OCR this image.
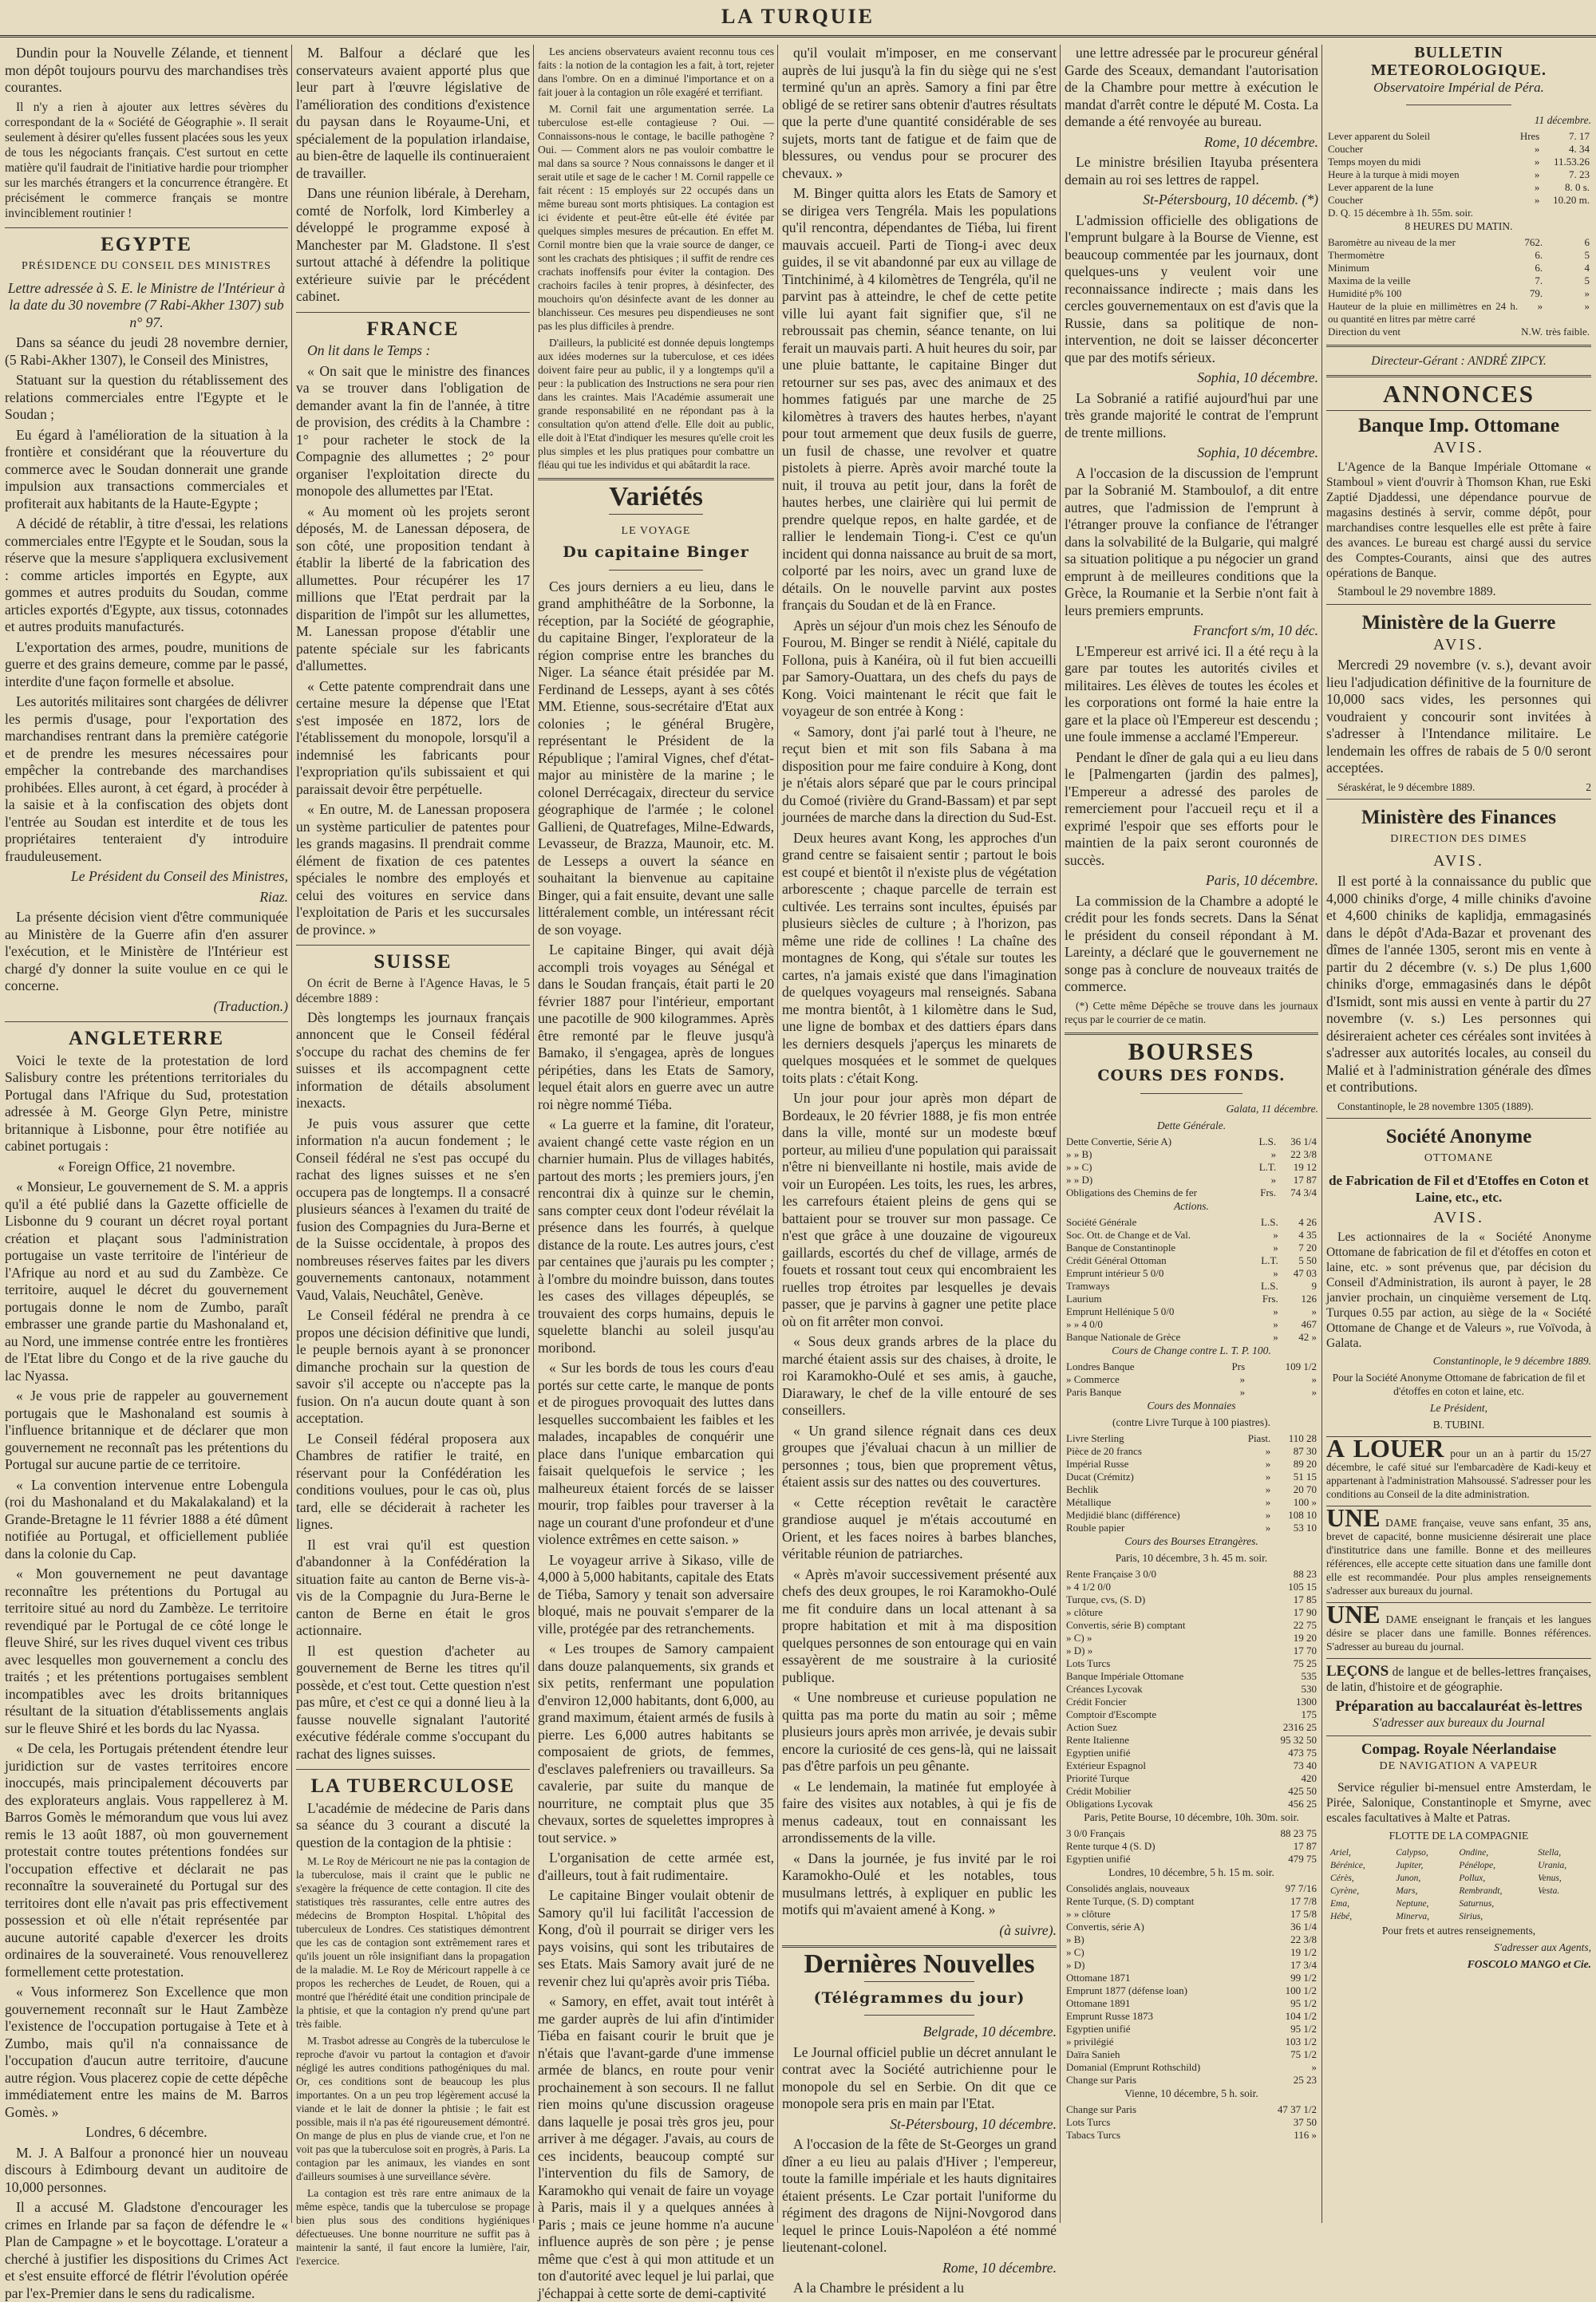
LA TURQUIE

Dundin pour la Nouvelle Zélande, et tiennent mon dépôt toujours pourvu des marchandises très courantes.

Il n'y a rien à ajouter aux lettres sévères du correspondant de la « Société de Géographie ». Il serait seulement à désirer qu'elles fussent placées sous les yeux de tous les négociants français. C'est surtout en cette matière qu'il faudrait de l'initiative hardie pour triompher sur les marchés étrangers et la concurrence étrangère. Et précisément le commerce français se montre invinciblement routinier !

EGYPTE
PRÉSIDENCE DU CONSEIL DES MINISTRES

Lettre adressée à S. E. le Ministre de l'Intérieur à la date du 30 novembre (7 Rabi-Akher 1307) sub n° 97.

Dans sa séance du jeudi 28 novembre dernier, (5 Rabi-Akher 1307), le Conseil des Ministres,

Statuant sur la question du rétablissement des relations commerciales entre l'Egypte et le Soudan ;

Eu égard à l'amélioration de la situation à la frontière et considérant que la réouverture du commerce avec le Soudan donnerait une grande impulsion aux transactions commerciales et profiterait aux habitants de la Haute-Egypte ;

A décidé de rétablir, à titre d'essai, les relations commerciales entre l'Egypte et le Soudan, sous la réserve que la mesure s'appliquera exclusivement : comme articles importés en Egypte, aux gommes et autres produits du Soudan, comme articles exportés d'Egypte, aux tissus, cotonnades et autres produits manufacturés.

L'exportation des armes, poudre, munitions de guerre et des grains demeure, comme par le passé, interdite d'une façon formelle et absolue.

Les autorités militaires sont chargées de délivrer les permis d'usage, pour l'exportation des marchandises rentrant dans la première catégorie et de prendre les mesures nécessaires pour empêcher la contrebande des marchandises prohibées. Elles auront, à cet égard, à procéder à la saisie et à la confiscation des objets dont l'entrée au Soudan est interdite et de tous les propriétaires tenteraient d'y introduire frauduleusement.

Le Président du Conseil des Ministres,

Riaz.

La présente décision vient d'être communiquée au Ministère de la Guerre afin d'en assurer l'exécution, et le Ministère de l'Intérieur est chargé d'y donner la suite voulue en ce qui le concerne.

(Traduction.)

ANGLETERRE

Voici le texte de la protestation de lord Salisbury contre les prétentions territoriales du Portugal dans l'Afrique du Sud, protestation adressée à M. George Glyn Petre, ministre britannique à Lisbonne, pour être notifiée au cabinet portugais :

« Foreign Office, 21 novembre.

« Monsieur, Le gouvernement de S. M. a appris qu'il a été publié dans la Gazette officielle de Lisbonne du 9 courant un décret royal portant création et plaçant sous l'administration portugaise un vaste territoire de l'intérieur de l'Afrique au nord et au sud du Zambèze. Ce territoire, auquel le décret du gouvernement portugais donne le nom de Zumbo, paraît embrasser une grande partie du Mashonaland et, au Nord, une immense contrée entre les frontières de l'Etat libre du Congo et de la rive gauche du lac Nyassa.

« Je vous prie de rappeler au gouvernement portugais que le Mashonaland est soumis à l'influence britannique et de déclarer que mon gouvernement ne reconnaît pas les prétentions du Portugal sur aucune partie de ce territoire.

« La convention intervenue entre Lobengula (roi du Mashonaland et du Makalakaland) et la Grande-Bretagne le 11 février 1888 a été dûment notifiée au Portugal, et officiellement publiée dans la colonie du Cap.

« Mon gouvernement ne peut davantage reconnaître les prétentions du Portugal au territoire situé au nord du Zambèze. Le territoire revendiqué par le Portugal de ce côté longe le fleuve Shiré, sur les rives duquel vivent ces tribus avec lesquelles mon gouvernement a conclu des traités ; et les prétentions portugaises semblent incompatibles avec les droits britanniques résultant de la situation d'établissements anglais sur le fleuve Shiré et les bords du lac Nyassa.

« De cela, les Portugais prétendent étendre leur juridiction sur de vastes territoires encore inoccupés, mais principalement découverts par des explorateurs anglais. Vous rappellerez à M. Barros Gomès le mémorandum que vous lui avez remis le 13 août 1887, où mon gouvernement protestait contre toutes prétentions fondées sur l'occupation effective et déclarait ne pas reconnaître la souveraineté du Portugal sur des territoires dont elle n'avait pas pris effectivement possession et où elle n'était représentée par aucune autorité capable d'exercer les droits ordinaires de la souveraineté. Vous renouvellerez formellement cette protestation.

« Vous informerez Son Excellence que mon gouvernement reconnaît sur le Haut Zambèze l'existence de l'occupation portugaise à Tete et à Zumbo, mais qu'il n'a connaissance de l'occupation d'aucun autre territoire, d'aucune autre région. Vous placerez copie de cette dépêche immédiatement entre les mains de M. Barros Gomès. »

Londres, 6 décembre.

M. J. A Balfour a prononcé hier un nouveau discours à Edimbourg devant un auditoire de 10,000 personnes.

Il a accusé M. Gladstone d'encourager les crimes en Irlande par sa façon de défendre le « Plan de Campagne » et le boycottage. L'orateur a cherché à justifier les dispositions du Crimes Act et s'est ensuite efforcé de flétrir l'évolution opérée par l'ex-Premier dans le sens du radicalisme.

M. Balfour a déclaré que les conservateurs avaient apporté plus que leur part à l'œuvre législative de l'amélioration des conditions d'existence du paysan dans le Royaume-Uni, et spécialement de la population irlandaise, au bien-être de laquelle ils continueraient de travailler.

Dans une réunion libérale, à Dereham, comté de Norfolk, lord Kimberley a développé le programme exposé à Manchester par M. Gladstone. Il s'est surtout attaché à défendre la politique extérieure suivie par le précédent cabinet.

FRANCE

On lit dans le Temps :

« On sait que le ministre des finances va se trouver dans l'obligation de demander avant la fin de l'année, à titre de provision, des crédits à la Chambre : 1° pour racheter le stock de la Compagnie des allumettes ; 2° pour organiser l'exploitation directe du monopole des allumettes par l'Etat.

« Au moment où les projets seront déposés, M. de Lanessan déposera, de son côté, une proposition tendant à établir la liberté de la fabrication des allumettes. Pour récupérer les 17 millions que l'Etat perdrait par la disparition de l'impôt sur les allumettes, M. Lanessan propose d'établir une patente spéciale sur les fabricants d'allumettes.

« Cette patente comprendrait dans une certaine mesure la dépense que l'Etat s'est imposée en 1872, lors de l'établissement du monopole, lorsqu'il a indemnisé les fabricants pour l'expropriation qu'ils subissaient et qui paraissait devoir être perpétuelle.

« En outre, M. de Lanessan proposera un système particulier de patentes pour les grands magasins. Il prendrait comme élément de fixation de ces patentes spéciales le nombre des employés et celui des voitures en service dans l'exploitation de Paris et les succursales de province. »

SUISSE

On écrit de Berne à l'Agence Havas, le 5 décembre 1889 :

Dès longtemps les journaux français annoncent que le Conseil fédéral s'occupe du rachat des chemins de fer suisses et ils accompagnent cette information de détails absolument inexacts.

Je puis vous assurer que cette information n'a aucun fondement ; le Conseil fédéral ne s'est pas occupé du rachat des lignes suisses et ne s'en occupera pas de longtemps. Il a consacré plusieurs séances à l'examen du traité de fusion des Compagnies du Jura-Berne et de la Suisse occidentale, à propos des nombreuses réserves faites par les divers gouvernements cantonaux, notamment Vaud, Valais, Neuchâtel, Genève.

Le Conseil fédéral ne prendra à ce propos une décision définitive que lundi, le peuple bernois ayant à se prononcer dimanche prochain sur la question de savoir s'il accepte ou n'accepte pas la fusion. On n'a aucun doute quant à son acceptation.

Le Conseil fédéral proposera aux Chambres de ratifier le traité, en réservant pour la Confédération les conditions voulues, pour le cas où, plus tard, elle se déciderait à racheter les lignes.

Il est vrai qu'il est question d'abandonner à la Confédération la situation faite au canton de Berne vis-à-vis de la Compagnie du Jura-Berne le canton de Berne en était le gros actionnaire.

Il est question d'acheter au gouvernement de Berne les titres qu'il possède, et c'est tout. Cette question n'est pas mûre, et c'est ce qui a donné lieu à la fausse nouvelle signalant l'autorité exécutive fédérale comme s'occupant du rachat des lignes suisses.

LA TUBERCULOSE

L'académie de médecine de Paris dans sa séance du 3 courant a discuté la question de la contagion de la phtisie :

M. Le Roy de Méricourt ne nie pas la contagion de la tuberculose, mais il craint que le public ne s'exagère la fréquence de cette contagion. Il cite des statistiques très rassurantes, celle entre autres des médecins de Brompton Hospital. L'hôpital des tuberculeux de Londres. Ces statistiques démontrent que les cas de contagion sont extrêmement rares et qu'ils jouent un rôle insignifiant dans la propagation de la maladie. M. Le Roy de Méricourt rappelle à ce propos les recherches de Leudet, de Rouen, qui a montré que l'hérédité était une condition principale de la phtisie, et que la contagion n'y prend qu'une part très faible.

M. Trasbot adresse au Congrès de la tuberculose le reproche d'avoir vu partout la contagion et d'avoir négligé les autres conditions pathogéniques du mal. Or, ces conditions sont de beaucoup les plus importantes. On a un peu trop légèrement accusé la viande et le lait de donner la phtisie ; le fait est possible, mais il n'a pas été rigoureusement démontré. On mange de plus en plus de viande crue, et l'on ne voit pas que la tuberculose soit en progrès, à Paris. La contagion par les animaux, les viandes en sont d'ailleurs soumises à une surveillance sévère.

La contagion est très rare entre animaux de la même espèce, tandis que la tuberculose se propage bien plus sous des conditions hygiéniques défectueuses. Une bonne nourriture ne suffit pas à maintenir la santé, il faut encore la lumière, l'air, l'exercice.

Les anciens observateurs avaient reconnu tous ces faits : la notion de la contagion les a fait, à tort, rejeter dans l'ombre. On en a diminué l'importance et on a fait jouer à la contagion un rôle exagéré et terrifiant.

M. Cornil fait une argumentation serrée. La tuberculose est-elle contagieuse ? Oui. — Connaissons-nous le contage, le bacille pathogène ? Oui. — Comment alors ne pas vouloir combattre le mal dans sa source ? Nous connaissons le danger et il serait utile et sage de le cacher ! M. Cornil rappelle ce fait récent : 15 employés sur 22 occupés dans un même bureau sont morts phtisiques. La contagion est ici évidente et peut-être eût-elle été évitée par quelques simples mesures de précaution. En effet M. Cornil montre bien que la vraie source de danger, ce sont les crachats des phtisiques ; il suffit de rendre ces crachats inoffensifs pour éviter la contagion. Des crachoirs faciles à tenir propres, à désinfecter, des mouchoirs qu'on désinfecte avant de les donner au blanchisseur. Ces mesures peu dispendieuses ne sont pas les plus difficiles à prendre.

D'ailleurs, la publicité est donnée depuis longtemps aux idées modernes sur la tuberculose, et ces idées doivent faire peur au public, il y a longtemps qu'il a peur : la publication des Instructions ne sera pour rien dans les craintes. Mais l'Académie assumerait une grande responsabilité en ne répondant pas à la consultation qu'on attend d'elle. Elle doit au public, elle doit à l'Etat d'indiquer les mesures qu'elle croit les plus simples et les plus pratiques pour combattre un fléau qui tue les individus et qui abâtardit la race.

Variétés
LE VOYAGE
Du capitaine Binger

Ces jours derniers a eu lieu, dans le grand amphithéâtre de la Sorbonne, la réception, par la Société de géographie, du capitaine Binger, l'explorateur de la région comprise entre les branches du Niger. La séance était présidée par M. Ferdinand de Lesseps, ayant à ses côtés MM. Etienne, sous-secrétaire d'Etat aux colonies ; le général Brugère, représentant le Président de la République ; l'amiral Vignes, chef d'état-major au ministère de la marine ; le colonel Derrécagaix, directeur du service géographique de l'armée ; le colonel Gallieni, de Quatrefages, Milne-Edwards, Levasseur, de Brazza, Maunoir, etc. M. de Lesseps a ouvert la séance en souhaitant la bienvenue au capitaine Binger, qui a fait ensuite, devant une salle littéralement comble, un intéressant récit de son voyage.

Le capitaine Binger, qui avait déjà accompli trois voyages au Sénégal et dans le Soudan français, était parti le 20 février 1887 pour l'intérieur, emportant une pacotille de 900 kilogrammes. Après être remonté par le fleuve jusqu'à Bamako, il s'engagea, après de longues péripéties, dans les Etats de Samory, lequel était alors en guerre avec un autre roi nègre nommé Tiéba.

« La guerre et la famine, dit l'orateur, avaient changé cette vaste région en un charnier humain. Plus de villages habités, partout des morts ; les premiers jours, j'en rencontrai dix à quinze sur le chemin, sans compter ceux dont l'odeur révélait la présence dans les fourrés, à quelque distance de la route. Les autres jours, c'est par centaines que j'aurais pu les compter ; à l'ombre du moindre buisson, dans toutes les cases des villages dépeuplés, se trouvaient des corps humains, depuis le squelette blanchi au soleil jusqu'au moribond.

« Sur les bords de tous les cours d'eau portés sur cette carte, le manque de ponts et de pirogues provoquait des luttes dans lesquelles succombaient les faibles et les malades, incapables de conquérir une place dans l'unique embarcation qui faisait quelquefois le service ; les malheureux étaient forcés de se laisser mourir, trop faibles pour traverser à la nage un courant d'une profondeur et d'une violence extrêmes en cette saison. »

Le voyageur arrive à Sikaso, ville de 4,000 à 5,000 habitants, capitale des Etats de Tiéba, Samory y tenait son adversaire bloqué, mais ne pouvait s'emparer de la ville, protégée par des retranchements.

« Les troupes de Samory campaient dans douze palanquements, six grands et six petits, renfermant une population d'environ 12,000 habitants, dont 6,000, au grand maximum, étaient armés de fusils à pierre. Les 6,000 autres habitants se composaient de griots, de femmes, d'esclaves palefreniers ou travailleurs. Sa cavalerie, par suite du manque de nourriture, ne comptait plus que 35 chevaux, sortes de squelettes impropres à tout service. »

L'organisation de cette armée est, d'ailleurs, tout à fait rudimentaire.

Le capitaine Binger voulait obtenir de Samory qu'il lui facilitât l'accession de Kong, d'où il pourrait se diriger vers les pays voisins, qui sont les tributaires de ses Etats. Mais Samory avait juré de ne revenir chez lui qu'après avoir pris Tiéba.

« Samory, en effet, avait tout intérêt à me garder auprès de lui afin d'intimider Tiéba en faisant courir le bruit que je n'étais que l'avant-garde d'une immense armée de blancs, en route pour venir prochainement à son secours. Il ne fallut rien moins qu'une discussion orageuse dans laquelle je posai très gros jeu, pour arriver à me dégager. J'avais, au cours de ces incidents, beaucoup compté sur l'intervention du fils de Samory, de Karamokho qui venait de faire un voyage à Paris, mais il y a quelques années à Paris ; mais ce jeune homme n'a aucune influence auprès de son père ; je pense même que c'est à qui mon attitude et un ton d'autorité avec lequel je lui parlai, que j'échappai à cette sorte de demi-captivité

qu'il voulait m'imposer, en me conservant auprès de lui jusqu'à la fin du siège qui ne s'est terminé qu'un an après. Samory a fini par être obligé de se retirer sans obtenir d'autres résultats que la perte d'une quantité considérable de ses sujets, morts tant de fatigue et de faim que de blessures, ou vendus pour se procurer des chevaux. »

M. Binger quitta alors les Etats de Samory et se dirigea vers Tengréla. Mais les populations qu'il rencontra, dépendantes de Tiéba, lui firent mauvais accueil. Parti de Tiong-i avec deux guides, il se vit abandonné par eux au village de Tintchinimé, à 4 kilomètres de Tengréla, qu'il ne parvint pas à atteindre, le chef de cette petite ville lui ayant fait signifier que, s'il ne rebroussait pas chemin, séance tenante, on lui ferait un mauvais parti. A huit heures du soir, par une pluie battante, le capitaine Binger dut retourner sur ses pas, avec des animaux et des hommes fatigués par une marche de 25 kilomètres à travers des hautes herbes, n'ayant pour tout armement que deux fusils de guerre, un fusil de chasse, une revolver et quatre pistolets à pierre. Après avoir marché toute la nuit, il trouva au petit jour, dans la forêt de hautes herbes, une clairière qui lui permit de prendre quelque repos, en halte gardée, et de rallier le lendemain Tiong-i. C'est ce qu'un incident qui donna naissance au bruit de sa mort, colporté par les noirs, avec un grand luxe de détails. On le nouvelle parvint aux postes français du Soudan et de là en France.

Après un séjour d'un mois chez les Sénoufo de Fourou, M. Binger se rendit à Niélé, capitale du Follona, puis à Kanéira, où il fut bien accueilli par Samory-Ouattara, un des chefs du pays de Kong. Voici maintenant le récit que fait le voyageur de son entrée à Kong :

« Samory, dont j'ai parlé tout à l'heure, ne reçut bien et mit son fils Sabana à ma disposition pour me faire conduire à Kong, dont je n'étais alors séparé que par le cours principal du Comoé (rivière du Grand-Bassam) et par sept journées de marche dans la direction du Sud-Est.

Deux heures avant Kong, les approches d'un grand centre se faisaient sentir ; partout le bois est coupé et bientôt il n'existe plus de végétation arborescente ; chaque parcelle de terrain est cultivée. Les terrains sont incultes, épuisés par plusieurs siècles de culture ; à l'horizon, pas même une ride de collines ! La chaîne des montagnes de Kong, qui s'étale sur toutes les cartes, n'a jamais existé que dans l'imagination de quelques voyageurs mal renseignés. Sabana me montra bientôt, à 1 kilomètre dans le Sud, une ligne de bombax et des dattiers épars dans les derniers desquels j'aperçus les minarets de quelques mosquées et le sommet de quelques toits plats : c'était Kong.

Un jour pour jour après mon départ de Bordeaux, le 20 février 1888, je fis mon entrée dans la ville, monté sur un modeste bœuf porteur, au milieu d'une population qui paraissait n'être ni bienveillante ni hostile, mais avide de voir un Européen. Les toits, les rues, les arbres, les carrefours étaient pleins de gens qui se battaient pour se trouver sur mon passage. Ce n'est que grâce à une douzaine de vigoureux gaillards, escortés du chef de village, armés de fouets et rossant tout ceux qui encombraient les ruelles trop étroites par lesquelles je devais passer, que je parvins à gagner une petite place où on fit arrêter mon convoi.

« Sous deux grands arbres de la place du marché étaient assis sur des chaises, à droite, le roi Karamokho-Oulé et ses amis, à gauche, Diarawary, le chef de la ville entouré de ses conseillers.

« Un grand silence régnait dans ces deux groupes que j'évaluai chacun à un millier de personnes ; tous, bien que proprement vêtus, étaient assis sur des nattes ou des couvertures.

« Cette réception revêtait le caractère grandiose auquel je m'étais accoutumé en Orient, et les faces noires à barbes blanches, véritable réunion de patriarches.

« Après m'avoir successivement présenté aux chefs des deux groupes, le roi Karamokho-Oulé me fit conduire dans un local attenant à sa propre habitation et mit à ma disposition quelques personnes de son entourage qui en vain essayèrent de me soustraire à la curiosité publique.

« Une nombreuse et curieuse population ne quitta pas ma porte du matin au soir ; même plusieurs jours après mon arrivée, je devais subir encore la curiosité de ces gens-là, qui ne laissait pas d'être parfois un peu gênante.

« Le lendemain, la matinée fut employée à faire des visites aux notables, à qui je fis de menus cadeaux, tout en connaissant les arrondissements de la ville.

« Dans la journée, je fus invité par le roi Karamokho-Oulé et les notables, tous musulmans lettrés, à expliquer en public les motifs qui m'avaient amené à Kong. »

(à suivre).

Dernières Nouvelles
(Télégrammes du jour)

Belgrade, 10 décembre.

Le Journal officiel publie un décret annulant le contrat avec la Société autrichienne pour le monopole du sel en Serbie. On dit que ce monopole sera pris en main par l'Etat.

St-Pétersbourg, 10 décembre.

A l'occasion de la fête de St-Georges un grand dîner a eu lieu au palais d'Hiver ; l'empereur, toute la famille impériale et les hauts dignitaires étaient présents. Le Czar portait l'uniforme du régiment des dragons de Nijni-Novgorod dans lequel le prince Louis-Napoléon a été nommé lieutenant-colonel.

Rome, 10 décembre.

A la Chambre le président a lu

une lettre adressée par le procureur général Garde des Sceaux, demandant l'autorisation de la Chambre pour mettre à exécution le mandat d'arrêt contre le député M. Costa. La demande a été renvoyée au bureau.

Rome, 10 décembre.

Le ministre brésilien Itayuba présentera demain au roi ses lettres de rappel.

St-Pétersbourg, 10 décemb. (*)

L'admission officielle des obligations de l'emprunt bulgare à la Bourse de Vienne, est beaucoup commentée par les journaux, dont quelques-uns y veulent voir une reconnaissance indirecte ; mais dans les cercles gouvernementaux on est d'avis que la Russie, dans sa politique de non-intervention, ne doit se laisser déconcerter que par des motifs sérieux.

Sophia, 10 décembre.

La Sobranié a ratifié aujourd'hui par une très grande majorité le contrat de l'emprunt de trente millions.

Sophia, 10 décembre.

A l'occasion de la discussion de l'emprunt par la Sobranié M. Stamboulof, a dit entre autres, que l'admission de l'emprunt à l'étranger prouve la confiance de l'étranger dans la solvabilité de la Bulgarie, qui malgré sa situation politique a pu négocier un grand emprunt à de meilleures conditions que la Grèce, la Roumanie et la Serbie n'ont fait à leurs premiers emprunts.

Francfort s/m, 10 déc.

L'Empereur est arrivé ici. Il a été reçu à la gare par toutes les autorités civiles et militaires. Les élèves de toutes les écoles et les corporations ont formé la haie entre la gare et la place où l'Empereur est descendu ; une foule immense a acclamé l'Empereur.

Pendant le dîner de gala qui a eu lieu dans le [Palmengarten (jardin des palmes], l'Empereur a adressé des paroles de remerciement pour l'accueil reçu et il a exprimé l'espoir que ses efforts pour le maintien de la paix seront couronnés de succès.

Paris, 10 décembre.

La commission de la Chambre a adopté le crédit pour les fonds secrets. Dans la Sénat le président du conseil répondant à M. Lareinty, a déclaré que le gouvernement ne songe pas à conclure de nouveaux traités de commerce.

(*) Cette même Dépêche se trouve dans les journaux reçus par le courrier de ce matin.

BOURSES
COURS DES FONDS.

Galata, 11 décembre.

Dette Générale.

Dette Convertie, Série A)	L.S.	36 1/4
» » B)	»	22 3/8
» » C)	L.T.	19 12
» » D)	»	17 87
Obligations des Chemins de fer	Frs.	74 3/4

Actions.

Société Générale	L.S.	4 26
Soc. Ott. de Change et de Val.	»	4 35
Banque de Constantinople	»	7 20
Crédit Général Ottoman	L.T.	5 50
Emprunt intérieur 5 0/0	»	47 03
Tramways	L.S.	9
Laurium	Frs.	126
Emprunt Hellénique 5 0/0	»	»
» » 4 0/0	»	467
Banque Nationale de Grèce	»	42 »

Cours de Change contre L. T. P. 100.

Londres Banque	Prs	109 1/2
» Commerce	»	»
Paris Banque	»	»

Cours des Monnaies

(contre Livre Turque à 100 piastres).

Livre Sterling	Piast.	110 28
Pièce de 20 francs	»	87 30
Impérial Russe	»	89 20
Ducat (Crémitz)	»	51 15
Bechlik	»	20 70
Métallique	»	100 »
Medjidié blanc (différence)	»	108 10
Rouble papier	»	53 10

Cours des Bourses Etrangères.

Paris, 10 décembre, 3 h. 45 m. soir.

Rente Française 3 0/0	88 23
» 4 1/2 0/0	105 15
Turque, cvs, (S. D)	17 85
» clôture	17 90
Convertis, série B) comptant	22 75
» C) »	19 20
» D) »	17 70
Lots Turcs	75 25
Banque Impériale Ottomane	535
Créances Lycovak	530
Crédit Foncier	1300
Comptoir d'Escompte	175
Action Suez	2316 25
Rente Italienne	95 32 50
Egyptien unifié	473 75
Extérieur Espagnol	73 40
Priorité Turque	420
Crédit Mobilier	425 50
Obligations Lycovak	456 25

Paris, Petite Bourse, 10 décembre, 10h. 30m. soir.

3 0/0 Français	88 23 75
Rente turque 4 (S. D)	17 87
Egyptien unifié	479 75

Londres, 10 décembre, 5 h. 15 m. soir.

Consolidés anglais, nouveaux	97 7/16
Rente Turque, (S. D) comptant	17 7/8
» » clôture	17 5/8
Convertis, série A)	36 1/4
» B)	22 3/8
» C)	19 1/2
» D)	17 3/4
Ottomane 1871	99 1/2
Emprunt 1877 (défense loan)	100 1/2
Ottomane 1891	95 1/2
Emprunt Russe 1873	104 1/2
Egyptien unifié	95 1/2
» privilégié	103 1/2
Daïra Sanieh	75 1/2
Domanial (Emprunt Rothschild)	»
Change sur Paris	25 23

Vienne, 10 décembre, 5 h. soir.

Change sur Paris	47 37 1/2
Lots Turcs	37 50
Tabacs Turcs	116 »
BULLETIN METEOROLOGIQUE.
Observatoire Impérial de Péra.

11 décembre.

Lever apparent du Soleil	Hres	7. 17
Coucher	»	4. 34
Temps moyen du midi	»	11.53.26
Heure à la turque à midi moyen	»	7. 23
Lever apparent de la lune	»	8. 0 s.
Coucher	»	10.20 m.
D. Q. 15 décembre à 1h. 55m. soir.		

8 HEURES DU MATIN.

Baromètre au niveau de la mer	762.	6
Thermomètre	6.	5
Minimum	6.	4
Maxima de la veille	7.	5
Humidité p% 100	79.	»
Hauteur de la pluie en millimètres en 24 h. ou quantité en litres par mètre carré	»	»
Direction du vent	N.W.	très faible.

Directeur-Gérant : ANDRÉ ZIPCY.

ANNONCES
Banque Imp. Ottomane
AVIS.

L'Agence de la Banque Impériale Ottomane « Stamboul » vient d'ouvrir à Thomson Khan, rue Eski Zaptié Djaddessi, une dépendance pourvue de magasins destinés à servir, comme dépôt, pour marchandises contre lesquelles elle est prête à faire des avances. Le bureau est chargé aussi du service des Comptes-Courants, ainsi que des autres opérations de Banque.

Stamboul le 29 novembre 1889.

Ministère de la Guerre
AVIS.

Mercredi 29 novembre (v. s.), devant avoir lieu l'adjudication définitive de la fourniture de 10,000 sacs vides, les personnes qui voudraient y concourir sont invitées à s'adresser à l'Intendance militaire. Le lendemain les offres de rabais de 5 0/0 seront acceptées.

Séraskérat, le 9 décembre 1889.	2

Ministère des Finances
DIRECTION DES DIMES
AVIS.

Il est porté à la connaissance du public que 4,000 chiniks d'orge, 4 mille chiniks d'avoine et 4,600 chiniks de kaplidja, emmagasinés dans le dépôt d'Ada-Bazar et provenant des dîmes de l'année 1305, seront mis en vente à partir du 2 décembre (v. s.) De plus 1,600 chiniks d'orge, emmagasinés dans le dépôt d'Ismidt, sont mis aussi en vente à partir du 27 novembre (v. s.) Les personnes qui désireraient acheter ces céréales sont invitées à s'adresser aux autorités locales, au conseil du Malié et à l'administration générale des dîmes et contributions.

Constantinople, le 28 novembre 1305 (1889).

Société Anonyme
OTTOMANE
de Fabrication de Fil et d'Etoffes en Coton et Laine, etc., etc.
AVIS.

Les actionnaires de la « Société Anonyme Ottomane de fabrication de fil et d'étoffes en coton et laine, etc. » sont prévenus que, par décision du Conseil d'Administration, ils auront à payer, le 28 janvier prochain, un cinquième versement de Ltq. Turques 0.55 par action, au siège de la « Société Ottomane de Change et de Valeurs », rue Voïvoda, à Galata.

Constantinople, le 9 décembre 1889.

Pour la Société Anonyme Ottomane de fabrication de fil et d'étoffes en coton et laine, etc.

Le Président,

B. TUBINI.

A LOUER pour un an à partir du 15/27 décembre, le café situé sur l'embarcadère de Kadi-keuy et appartenant à l'administration Mahsoussé. S'adresser pour les conditions au Conseil de la dite administration.

UNE DAME française, veuve sans enfant, 35 ans, brevet de capacité, bonne musicienne désirerait une place d'institutrice dans une famille. Bonne et des meilleures références, elle accepte cette situation dans une famille dont elle est recommandée. Pour plus amples renseignements s'adresser aux bureaux du journal.

UNE DAME enseignant le français et les langues désire se placer dans une famille. Bonnes références. S'adresser au bureau du journal.

LEÇONS de langue et de belles-lettres françaises, de latin, d'histoire et de géographie.

Préparation au baccalauréat ès-lettres
S'adresser aux bureaux du Journal
Compag. Royale Néerlandaise
DE NAVIGATION A VAPEUR

Service régulier bi-mensuel entre Amsterdam, le Pirée, Salonique, Constantinople et Smyrne, avec escales facultatives à Malte et Patras.

FLOTTE DE LA COMPAGNIE

Ariel,	Calypso,	Ondine,	Stella,
Bérénice,	Jupiter,	Pénélope,	Urania,
Cérès,	Junon,	Pollux,	Venus,
Cyrène,	Mars,	Rembrandt,	Vesta.
Ema,	Neptune,	Saturnus,	
Hébé,	Minerva,	Sirius,	

Pour frets et autres renseignements,

S'adresser aux Agents,

FOSCOLO MANGO et Cie.
